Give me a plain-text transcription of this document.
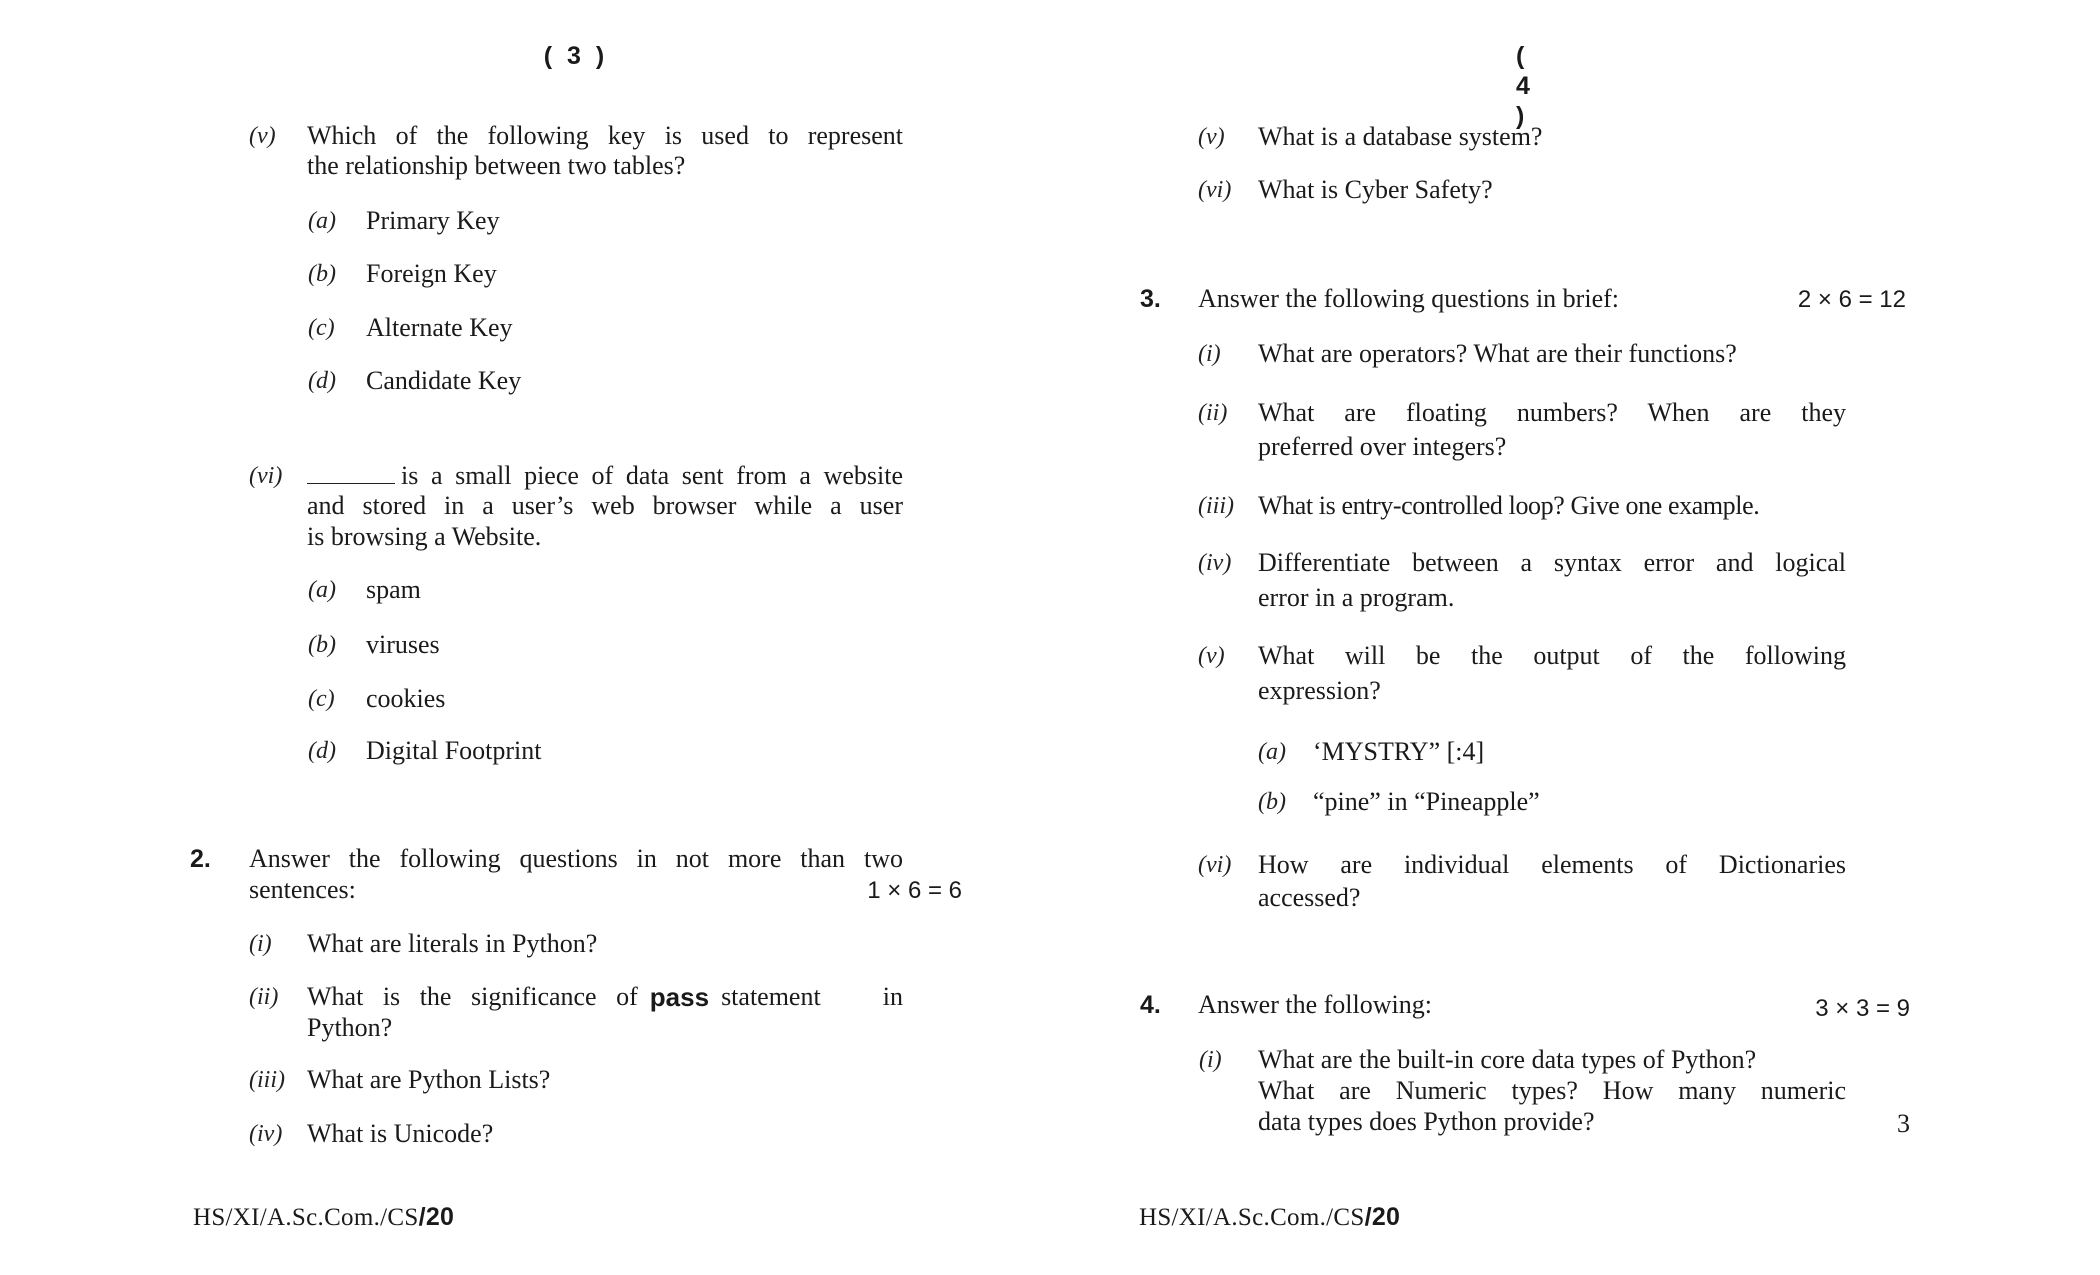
( 3 )
(v) Which of the following key is used to represent
the relationship between two tables?
(a) Primary Key
(b) Foreign Key
(c) Alternate Key
(d) Candidate Key
(vi)	is a small piece of data sent from a website
and stored in a user’s web browser while a user
is browsing a Website.
(a) spam
(b) viruses
(c) cookies
(d) Digital Footprint
2. Answer the following questions in not more than two
sentences:	1 × 6 = 6
(i) What are literals in Python?
(ii) What is the significance of pass statement in
Python?
(iii) What are Python Lists?
(iv) What is Unicode?
HS/XI/A.Sc.Com./CS/20
( 4 )
(v) What is a database system?
(vi) What is Cyber Safety?
3. Answer the following questions in brief:	2 × 6 = 12
(i) What are operators? What are their functions?
(ii) What are floating numbers? When are they
preferred over integers?
(iii) What is entry-controlled loop? Give one example.
(iv) Differentiate between a syntax error and logical
error in a program.
(v) What will be the output of the following
expression?
(a) ‘MYSTRY” [:4]
(b) “pine” in “Pineapple”
(vi) How are individual elements of Dictionaries
accessed?
4. Answer the following:	3 × 3 = 9
(i) What are the built-in core data types of Python?
What are Numeric types? How many numeric
data types does Python provide?	3
HS/XI/A.Sc.Com./CS/20
